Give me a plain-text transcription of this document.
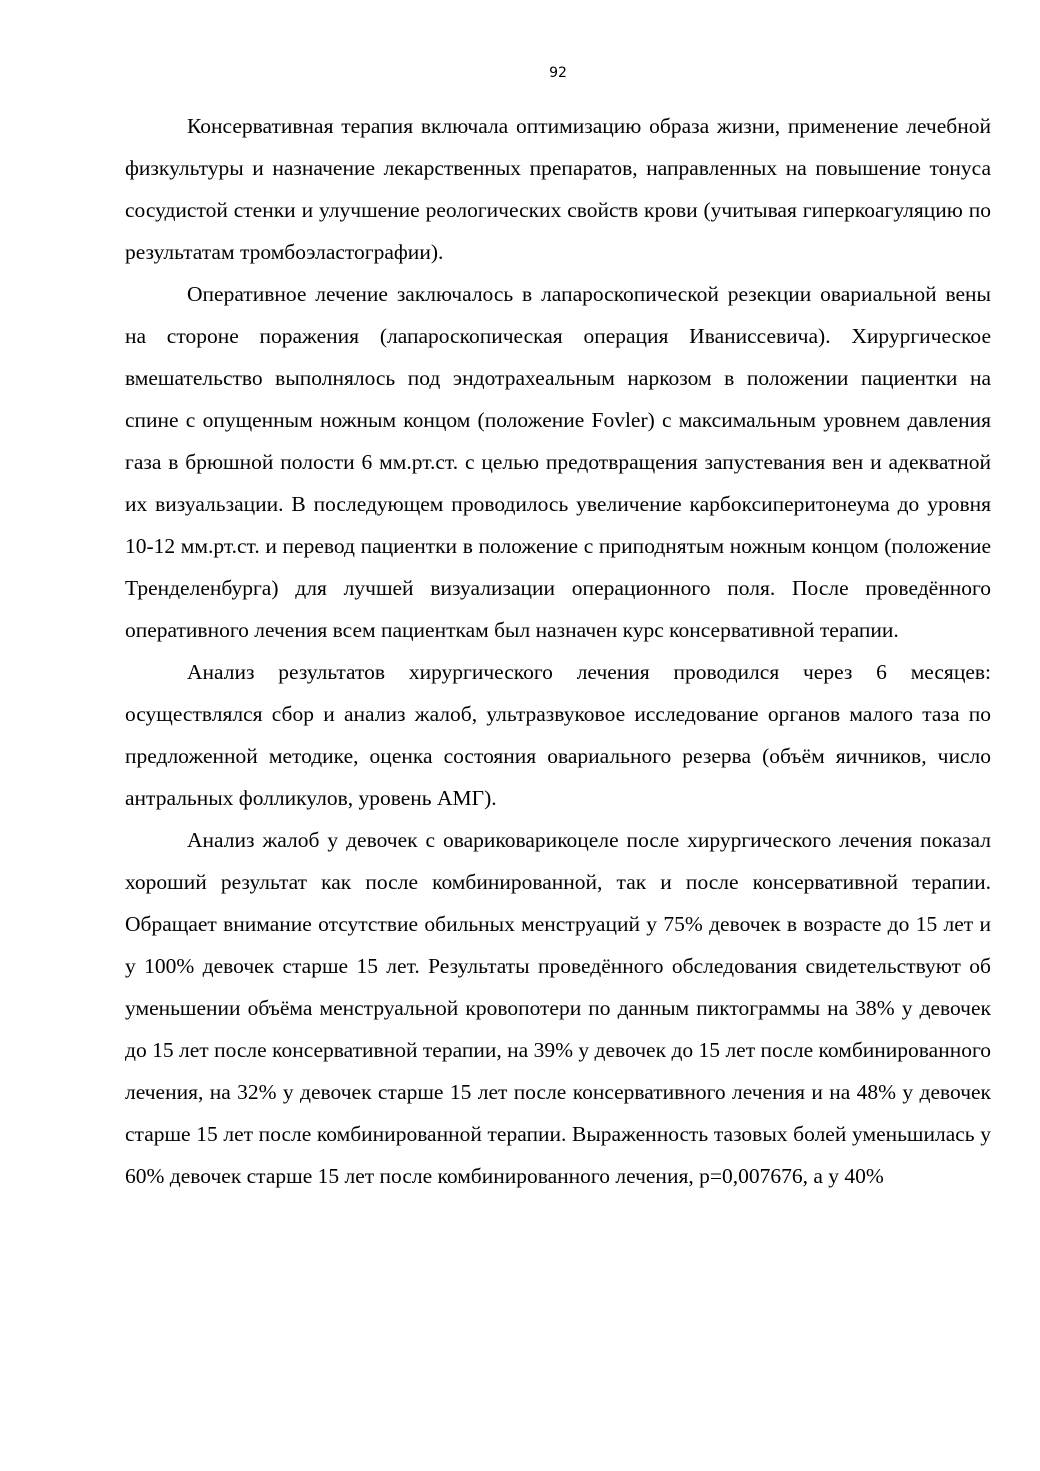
92

Консервативная терапия включала оптимизацию образа жизни, применение лечебной физкультуры и назначение лекарственных препаратов, направленных на повышение тонуса сосудистой стенки и улучшение реологических свойств крови (учитывая гиперкоагуляцию по результатам тромбоэластографии).

Оперативное лечение заключалось в лапароскопической резекции овариальной вены на стороне поражения (лапароскопическая операция Иваниссевича). Хирургическое вмешательство выполнялось под эндотрахеальным наркозом в положении пациентки на спине с опущенным ножным концом (положение Fovler) с максимальным уровнем давления газа в брюшной полости 6 мм.рт.ст. с целью предотвращения запустевания вен и адекватной их визуальзации. В последующем проводилось увеличение карбоксиперитонеума до уровня 10-12 мм.рт.ст. и перевод пациентки в положение с приподнятым ножным концом (положение Тренделенбурга) для лучшей визуализации операционного поля. После проведённого оперативного лечения всем пациенткам был назначен курс консервативной терапии.

Анализ результатов хирургического лечения проводился через 6 месяцев: осуществлялся сбор и анализ жалоб, ультразвуковое исследование органов малого таза по предложенной методике, оценка состояния овариального резерва (объём яичников, число антральных фолликулов, уровень АМГ).

Анализ жалоб у девочек с овариковарикоцеле после хирургического лечения показал хороший результат как после комбинированной, так и после консервативной терапии. Обращает внимание отсутствие обильных менструаций у 75% девочек в возрасте до 15 лет и у 100% девочек старше 15 лет. Результаты проведённого обследования свидетельствуют об уменьшении объёма менструальной кровопотери по данным пиктограммы на 38% у девочек до 15 лет после консервативной терапии, на 39% у девочек до 15 лет после комбинированного лечения, на 32% у девочек старше 15 лет после консервативного лечения и на 48% у девочек старше 15 лет после комбинированной терапии. Выраженность тазовых болей уменьшилась у 60% девочек старше 15 лет после комбинированного лечения, p=0,007676, а у 40%
